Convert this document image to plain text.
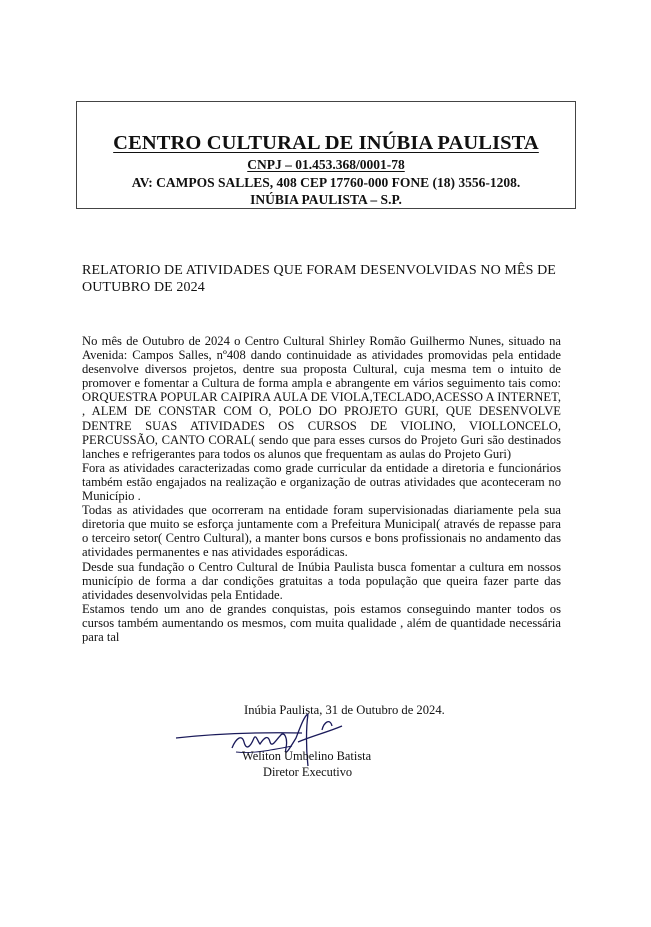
CENTRO CULTURAL DE INÚBIA PAULISTA
CNPJ – 01.453.368/0001-78
AV: CAMPOS SALLES, 408 CEP 17760-000 FONE (18) 3556-1208.
INÚBIA PAULISTA – S.P.
RELATORIO DE ATIVIDADES QUE FORAM DESENVOLVIDAS NO MÊS DE OUTUBRO DE 2024

No mês de Outubro de 2024 o Centro Cultural Shirley Romão Guilhermo Nunes, situado na Avenida: Campos Salles, nº408 dando continuidade as atividades promovidas pela entidade desenvolve diversos projetos, dentre sua proposta Cultural, cuja mesma tem o intuito de promover e fomentar a Cultura de forma ampla e abrangente em vários seguimento tais como: ORQUESTRA POPULAR CAIPIRA AULA DE VIOLA,TECLADO,ACESSO A INTERNET, , ALEM DE CONSTAR COM O, POLO DO PROJETO GURI, QUE DESENVOLVE DENTRE SUAS ATIVIDADES OS CURSOS DE VIOLINO, VIOLLONCELO, PERCUSSÃO, CANTO CORAL( sendo que para esses cursos do Projeto Guri são destinados lanches e refrigerantes para todos os alunos que frequentam as aulas do Projeto Guri)

Fora as atividades caracterizadas como grade curricular da entidade a diretoria e funcionários também estão engajados na realização e organização de outras atividades que aconteceram no Município .

Todas as atividades que ocorreram na entidade foram supervisionadas diariamente pela sua diretoria que muito se esforça juntamente com a Prefeitura Municipal( através de repasse para o terceiro setor( Centro Cultural), a manter bons cursos e bons profissionais no andamento das atividades permanentes e nas atividades esporádicas.

Desde sua fundação o Centro Cultural de Inúbia Paulista busca fomentar a cultura em nossos município de forma a dar condições gratuitas a toda população que queira fazer parte das atividades desenvolvidas pela Entidade.

Estamos tendo um ano de grandes conquistas, pois estamos conseguindo manter todos os cursos também aumentando os mesmos, com muita qualidade , além de quantidade necessária para tal

Inúbia Paulista, 31 de Outubro de 2024.
Weliton Umbelino Batista
Diretor Executivo
